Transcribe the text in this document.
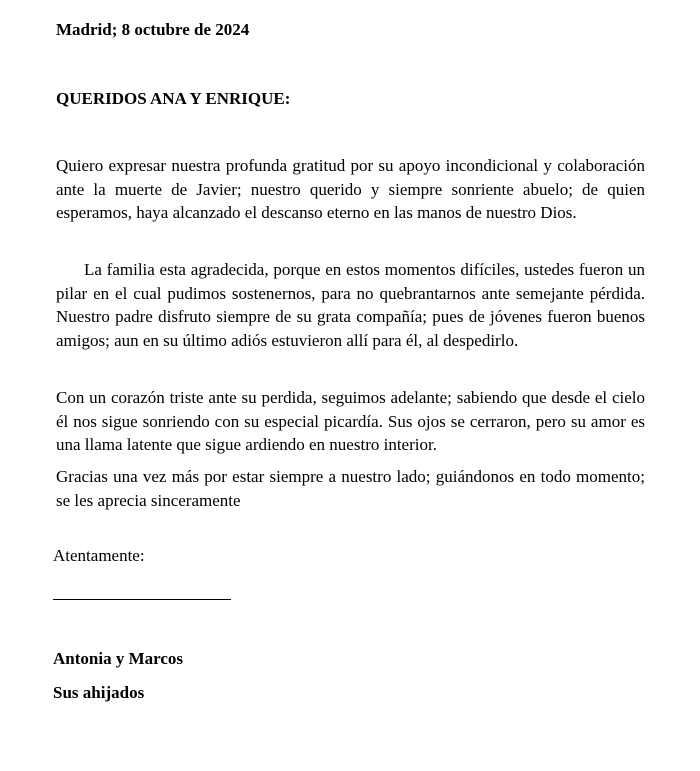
Madrid; 8 octubre de 2024
QUERIDOS ANA Y ENRIQUE:

Quiero expresar nuestra profunda gratitud por su apoyo incondicional y colaboración ante la muerte de Javier; nuestro querido y siempre sonriente abuelo; de quien esperamos, haya alcanzado el descanso eterno en las manos de nuestro Dios.

La familia esta agradecida, porque en estos momentos difíciles, ustedes fueron un pilar en el cual pudimos sostenernos, para no quebrantarnos ante semejante pérdida. Nuestro padre disfruto siempre de su grata compañía; pues de jóvenes fueron buenos amigos; aun en su último adiós estuvieron allí para él, al despedirlo.

Con un corazón triste ante su perdida, seguimos adelante; sabiendo que desde el cielo él nos sigue sonriendo con su especial picardía. Sus ojos se cerraron, pero su amor es una llama latente que sigue ardiendo en nuestro interior.

Gracias una vez más por estar siempre a nuestro lado; guiándonos en todo momento; se les aprecia sinceramente

Atentamente:
Antonia y Marcos
Sus ahijados
